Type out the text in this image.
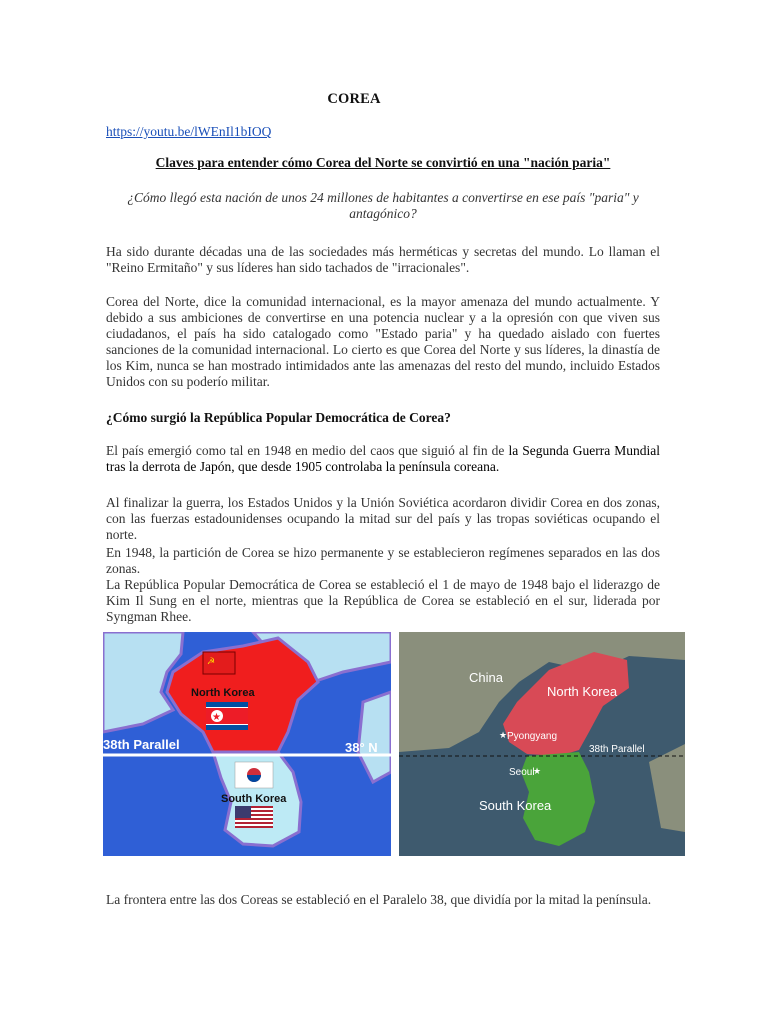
COREA
https://youtu.be/lWEnIl1bIOQ
Claves para entender cómo Corea del Norte se convirtió en una "nación paria"
¿Cómo llegó esta nación de unos 24 millones de habitantes a convertirse en ese país "paria" y antagónico?
Ha sido durante décadas una de las sociedades más herméticas y secretas del mundo. Lo llaman el "Reino Ermitaño" y sus líderes han sido tachados de "irracionales".
Corea del Norte, dice la comunidad internacional, es la mayor amenaza del mundo actualmente. Y debido a sus ambiciones de convertirse en una potencia nuclear y a la opresión con que viven sus ciudadanos, el país ha sido catalogado como "Estado paria" y ha quedado aislado con fuertes sanciones de la comunidad internacional. Lo cierto es que Corea del Norte y sus líderes, la dinastía de los Kim, nunca se han mostrado intimidados ante las amenazas del resto del mundo, incluido Estados Unidos con su poderío militar.
¿Cómo surgió la República Popular Democrática de Corea?
El país emergió como tal en 1948 en medio del caos que siguió al fin de la Segunda Guerra Mundial tras la derrota de Japón, que desde 1905 controlaba la península coreana.
Al finalizar la guerra, los Estados Unidos y la Unión Soviética acordaron dividir Corea en dos zonas, con las fuerzas estadounidenses ocupando la mitad sur del país y las tropas soviéticas ocupando el norte.
En 1948, la partición de Corea se hizo permanente y se establecieron regímenes separados en las dos zonas.
La República Popular Democrática de Corea se estableció el 1 de mayo de 1948 bajo el liderazgo de Kim Il Sung en el norte, mientras que la República de Corea se estableció en el sur, liderada por Syngman Rhee.
☭
★
North Korea
38th Parallel	38° N
South Korea
China
North Korea
Pyongyang
★
38th Parallel
Seoul
★
South Korea
La frontera entre las dos Coreas se estableció en el Paralelo 38, que dividía por la mitad la península.
